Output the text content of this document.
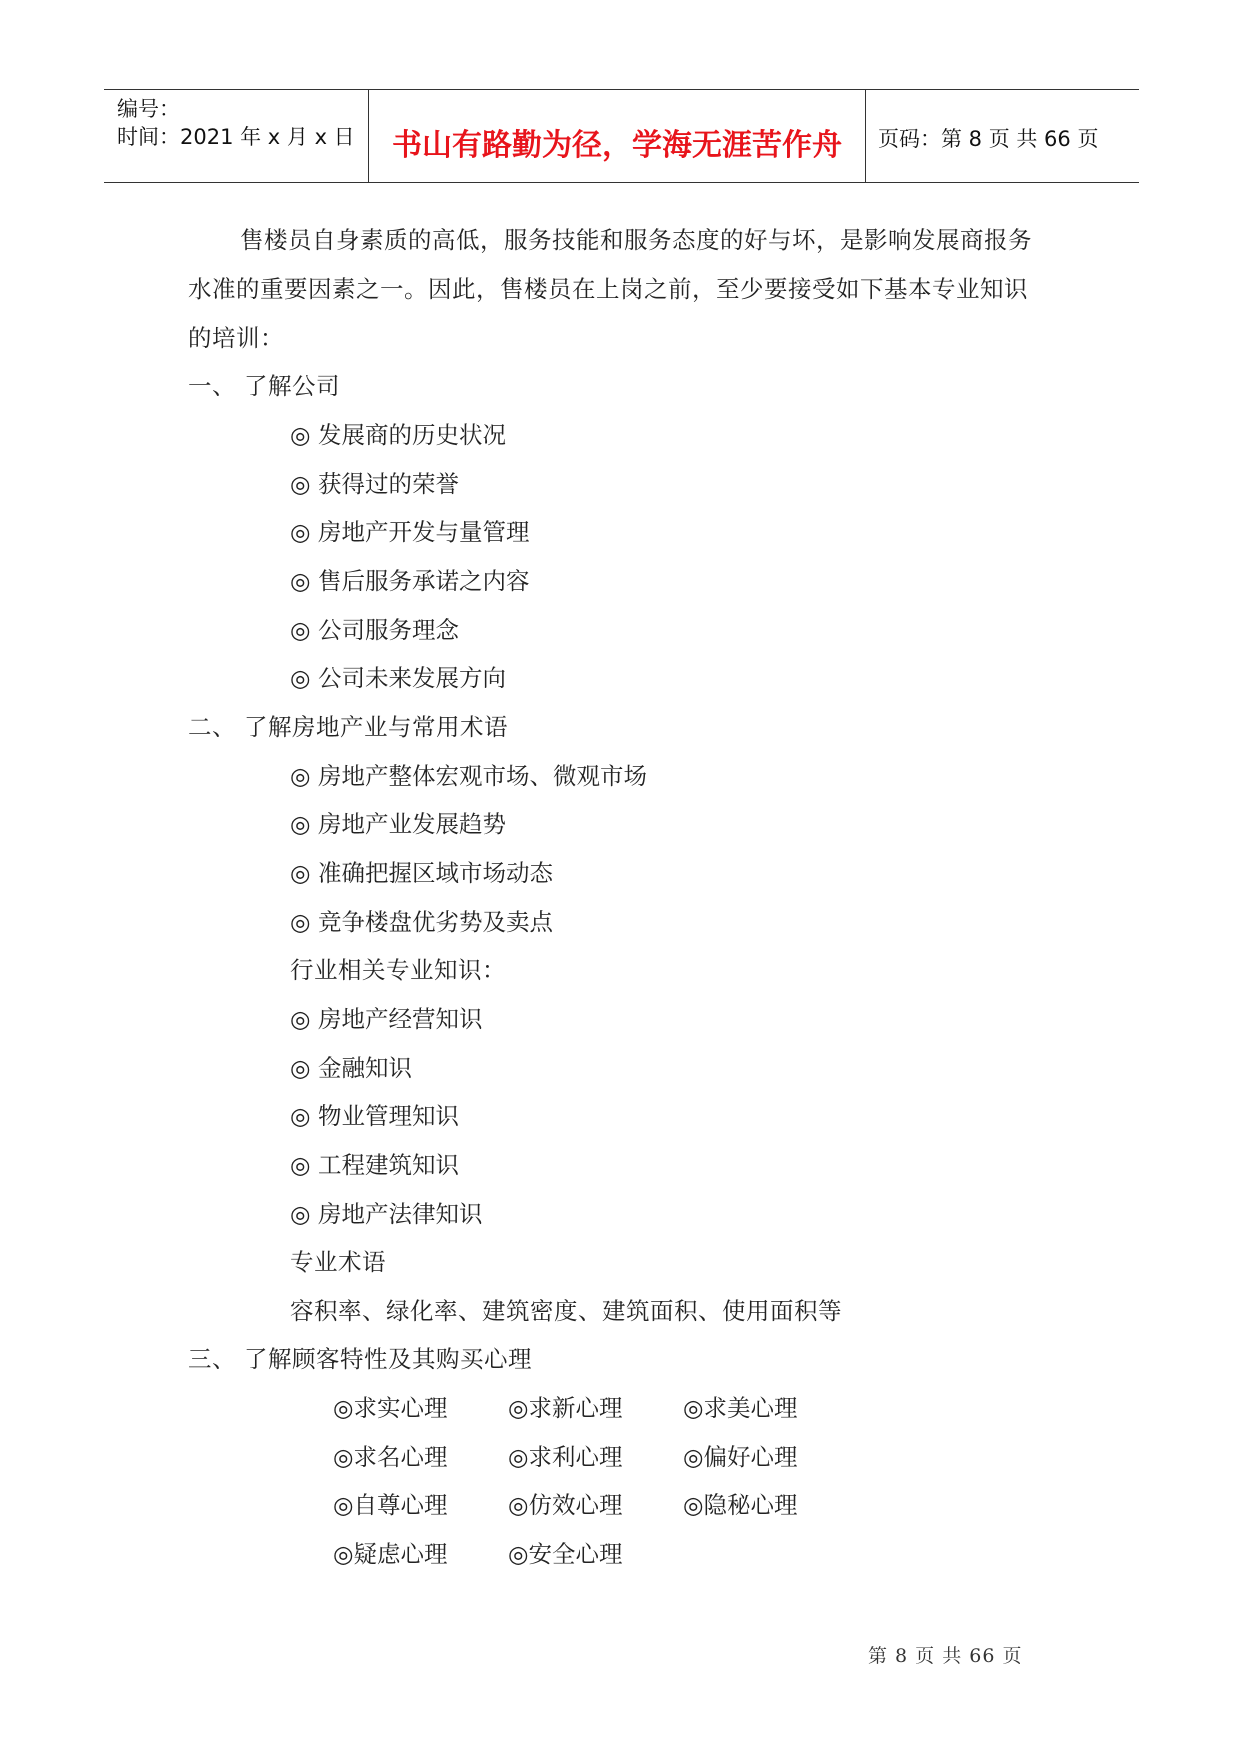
编号：
时间：2021 年 x 月 x 日	书山有路勤为径，学海无涯苦作舟	页码：第 8 页 共 66 页
售楼员自身素质的高低，服务技能和服务态度的好与坏，是影响发展商报务
水准的重要因素之一。因此，售楼员在上岗之前，至少要接受如下基本专业知识
的培训：
一、 了解公司
◎ 发展商的历史状况
◎ 获得过的荣誉
◎ 房地产开发与量管理
◎ 售后服务承诺之内容
◎ 公司服务理念
◎ 公司未来发展方向
二、 了解房地产业与常用术语
◎ 房地产整体宏观市场、微观市场
◎ 房地产业发展趋势
◎ 准确把握区域市场动态
◎ 竞争楼盘优劣势及卖点
行业相关专业知识：
◎ 房地产经营知识
◎ 金融知识
◎ 物业管理知识
◎ 工程建筑知识
◎ 房地产法律知识
专业术语
容积率、绿化率、建筑密度、建筑面积、使用面积等
三、 了解顾客特性及其购买心理
◎求实心理	◎求新心理	◎求美心理
◎求名心理	◎求利心理	◎偏好心理
◎自尊心理	◎仿效心理	◎隐秘心理
◎疑虑心理	◎安全心理
第 8 页 共 66 页
